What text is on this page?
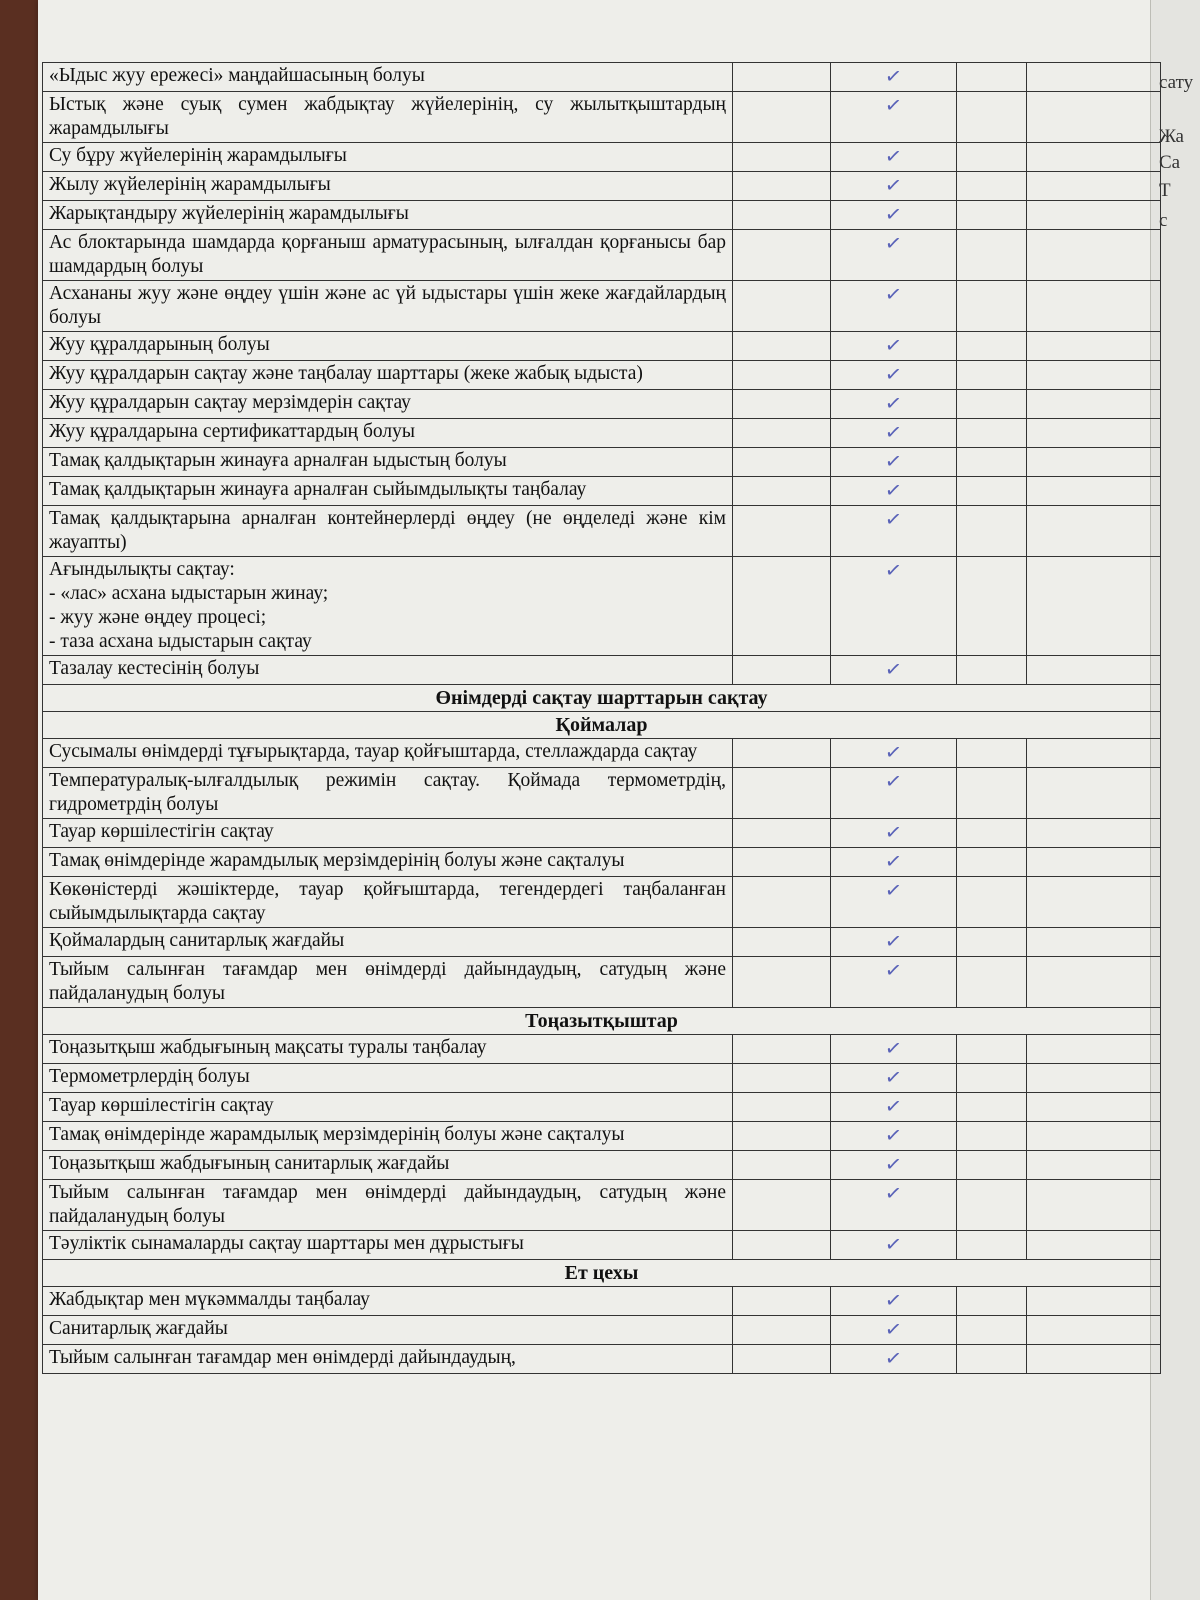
сату
Жа
Са
Т
с
«Ыдыс жуу ережесі» маңдайшасының болуы		✓		
Ыстық және суық сумен жабдықтау жүйелерінің, су жылытқыштардың жарамдылығы		✓		
Су бұру жүйелерінің жарамдылығы		✓		
Жылу жүйелерінің жарамдылығы		✓		
Жарықтандыру жүйелерінің жарамдылығы		✓		
Ас блоктарында шамдарда қорғаныш арматурасының, ылғалдан қорғанысы бар шамдардың болуы		✓		
Асхананы жуу және өңдеу үшін және ас үй ыдыстары үшін жеке жағдайлардың болуы		✓		
Жуу құралдарының болуы		✓		
Жуу құралдарын сақтау және таңбалау шарттары (жеке жабық ыдыста)		✓		
Жуу құралдарын сақтау мерзімдерін сақтау		✓		
Жуу құралдарына сертификаттардың болуы		✓		
Тамақ қалдықтарын жинауға арналған ыдыстың болуы		✓		
Тамақ қалдықтарын жинауға арналған сыйымдылықты таңбалау		✓		
Тамақ қалдықтарына арналған контейнерлерді өңдеу (не өңделеді және кім жауапты)		✓		
Ағындылықты сақтау:
- «лас» асхана ыдыстарын жинау;
- жуу және өңдеу процесі;
- таза асхана ыдыстарын сақтау		✓		
Тазалау кестесінің болуы		✓		
Өнімдерді сақтау шарттарын сақтау				
Қоймалар				
Сусымалы өнімдерді тұғырықтарда, тауар қойғыштарда, стеллаждарда сақтау		✓		
Температуралық-ылғалдылық режимін сақтау. Қоймада термометрдің, гидрометрдің болуы		✓		
Тауар көршілестігін сақтау		✓		
Тамақ өнімдерінде жарамдылық мерзімдерінің болуы және сақталуы		✓		
Көкөністерді жәшіктерде, тауар қойғыштарда, тегендердегі таңбаланған сыйымдылықтарда сақтау		✓		
Қоймалардың санитарлық жағдайы		✓		
Тыйым салынған тағамдар мен өнімдерді дайындаудың, сатудың және пайдаланудың болуы		✓		
Тоңазытқыштар				
Тоңазытқыш жабдығының мақсаты туралы таңбалау		✓		
Термометрлердің болуы		✓		
Тауар көршілестігін сақтау		✓		
Тамақ өнімдерінде жарамдылық мерзімдерінің болуы және сақталуы		✓		
Тоңазытқыш жабдығының санитарлық жағдайы		✓		
Тыйым салынған тағамдар мен өнімдерді дайындаудың, сатудың және пайдаланудың болуы		✓		
Тәуліктік сынамаларды сақтау шарттары мен дұрыстығы		✓		
Ет цехы				
Жабдықтар мен мүкәммалды таңбалау		✓		
Санитарлық жағдайы		✓		
Тыйым салынған тағамдар мен өнімдерді дайындаудың,		✓		
